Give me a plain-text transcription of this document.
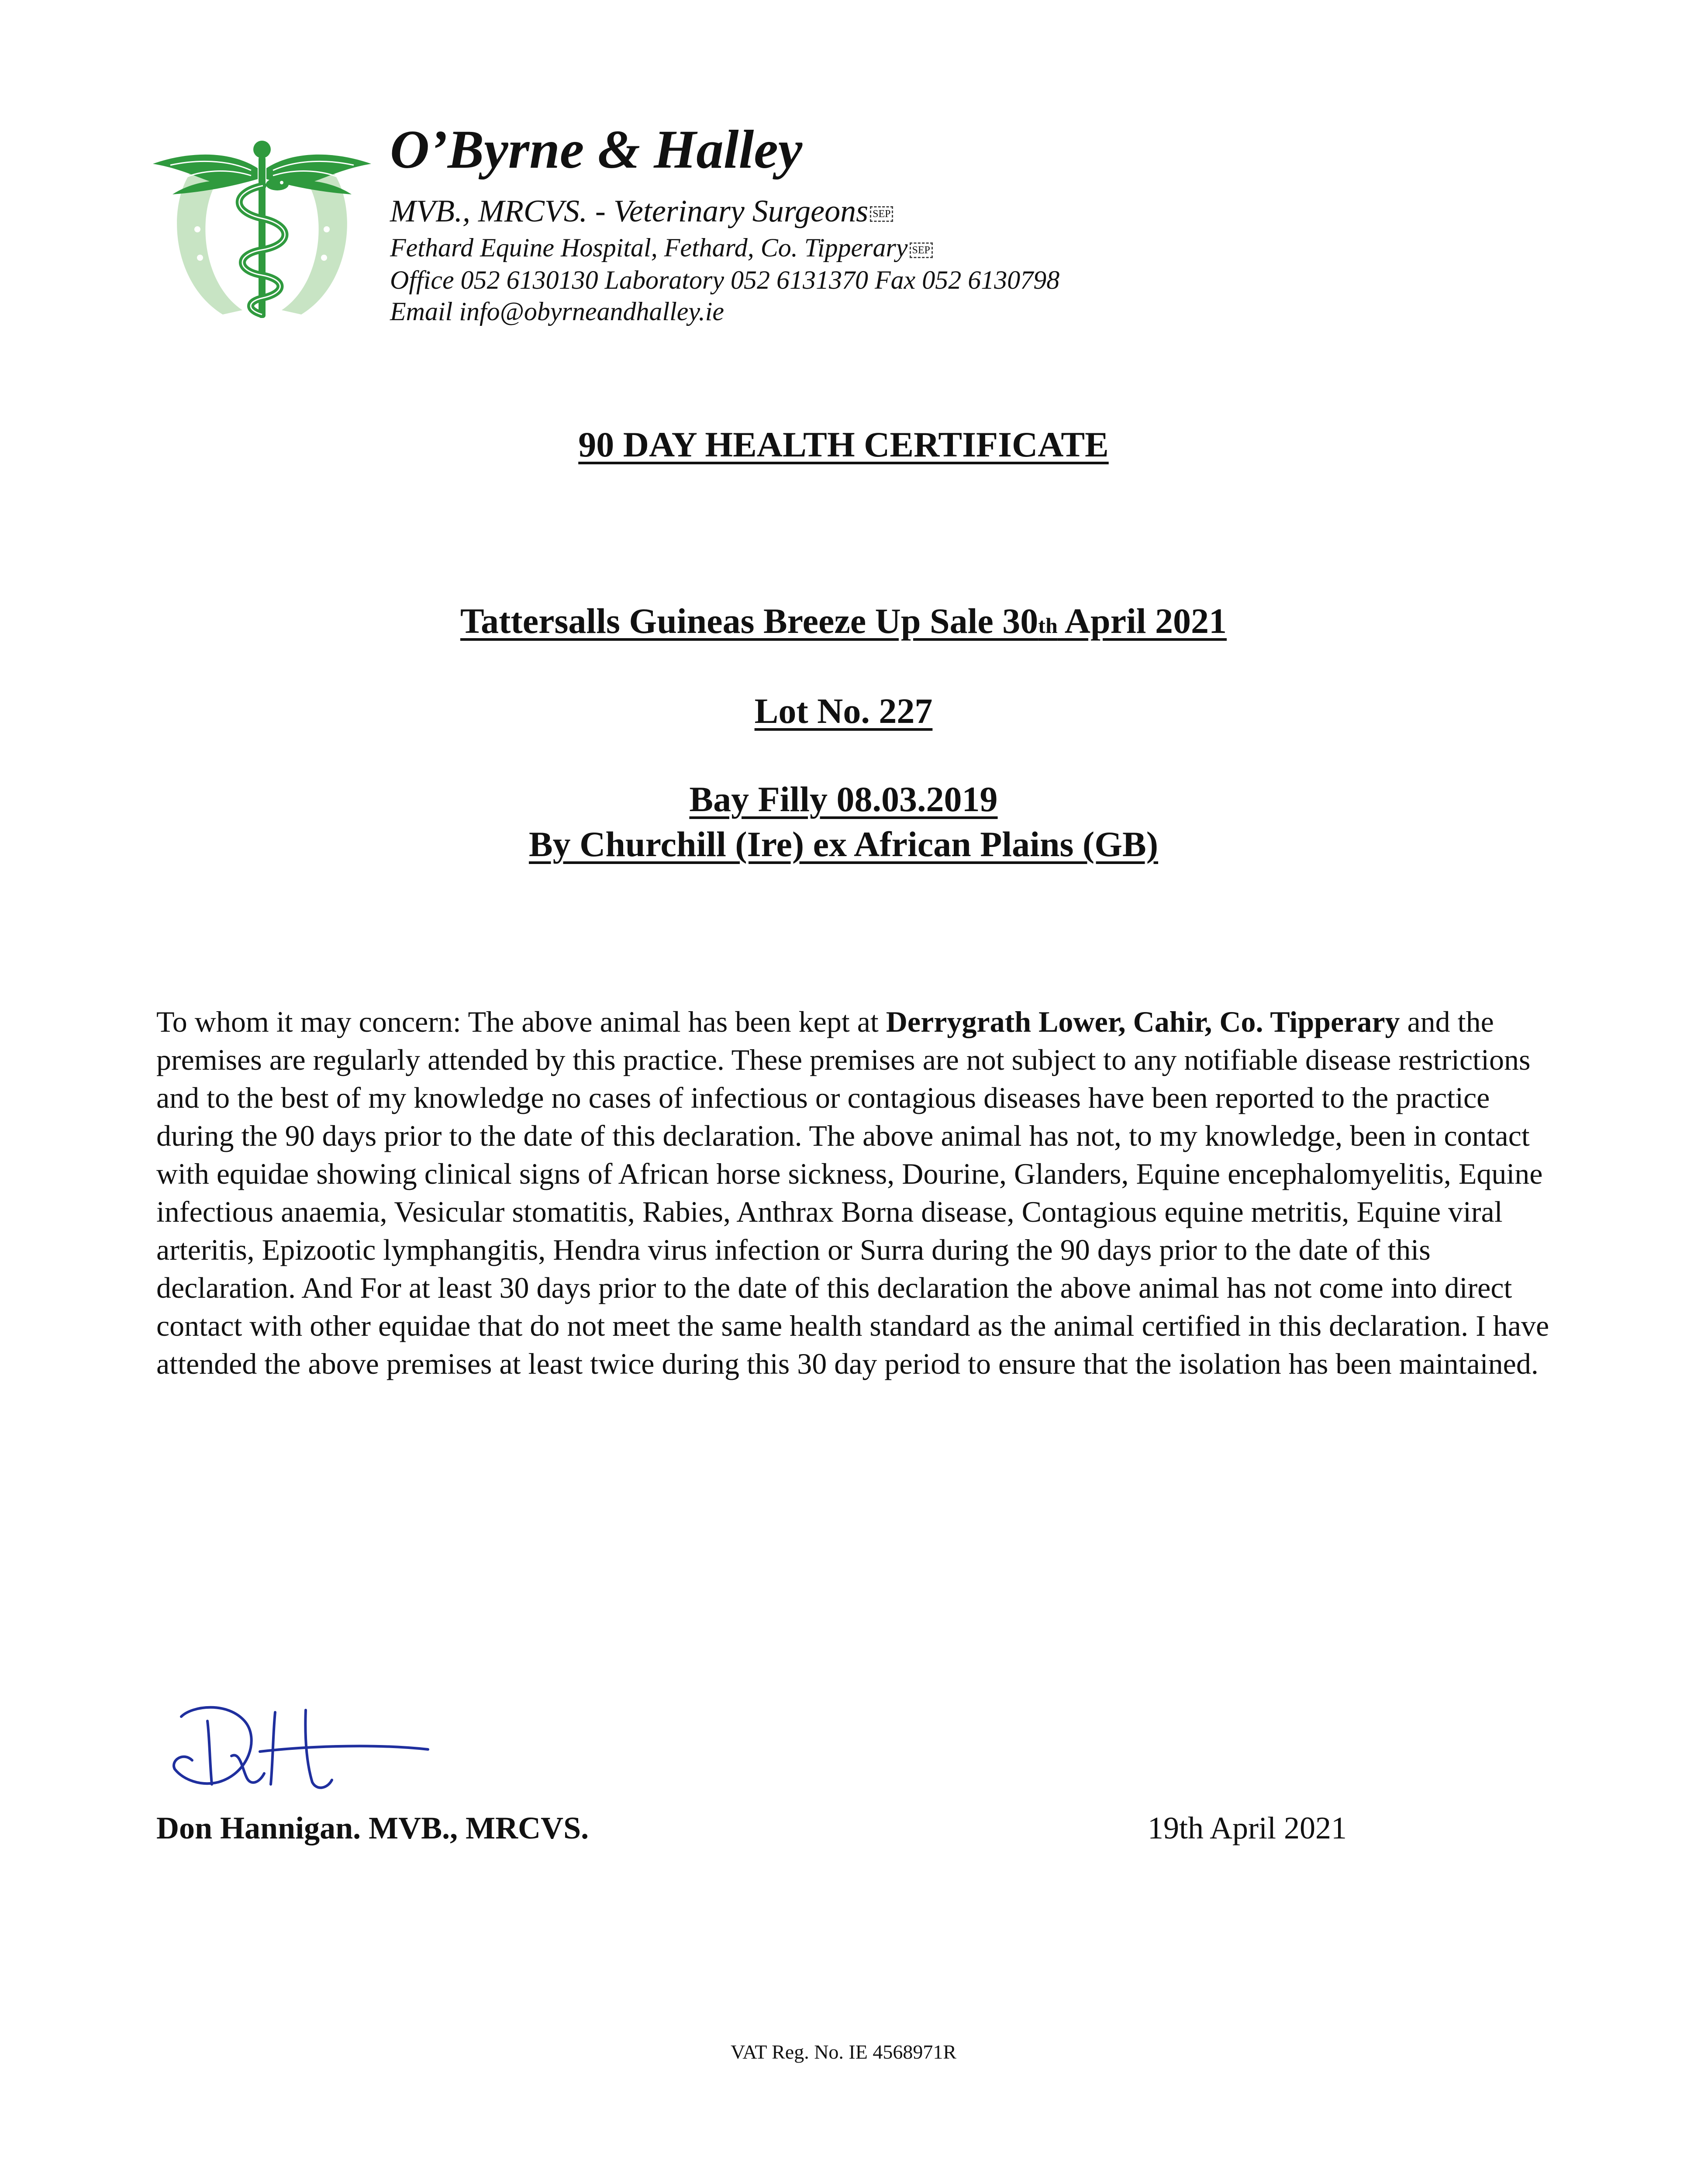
O’Byrne & Halley
MVB., MRCVS. - Veterinary Surgeons SEP
Fethard Equine Hospital, Fethard, Co. Tipperary SEP
Office 052 6130130 Laboratory 052 6131370 Fax 052 6130798
Email info@obyrneandhalley.ie
90 DAY HEALTH CERTIFICATE
Tattersalls Guineas Breeze Up Sale 30th April 2021
Lot No. 227
Bay Filly 08.03.2019
By Churchill (Ire) ex African Plains (GB)

To whom it may concern: The above animal has been kept at Derrygrath Lower, Cahir, Co. Tipperary and the premises are regularly attended by this practice. These premises are not subject to any notifiable disease restrictions and to the best of my knowledge no cases of infectious or contagious diseases have been reported to the practice during the 90 days prior to the date of this declaration. The above animal has not, to my knowledge, been in contact with equidae showing clinical signs of African horse sickness, Dourine, Glanders, Equine encephalomyelitis, Equine infectious anaemia, Vesicular stomatitis, Rabies, Anthrax Borna disease, Contagious equine metritis, Equine viral arteritis, Epizootic lymphangitis, Hendra virus infection or Surra during the 90 days prior to the date of this declaration. And For at least 30 days prior to the date of this declaration the above animal has not come into direct contact with other equidae that do not meet the same health standard as the animal certified in this declaration. I have attended the above premises at least twice during this 30 day period to ensure that the isolation has been maintained.

Don Hannigan. MVB., MRCVS.	19th April 2021
VAT Reg. No. IE 4568971R
